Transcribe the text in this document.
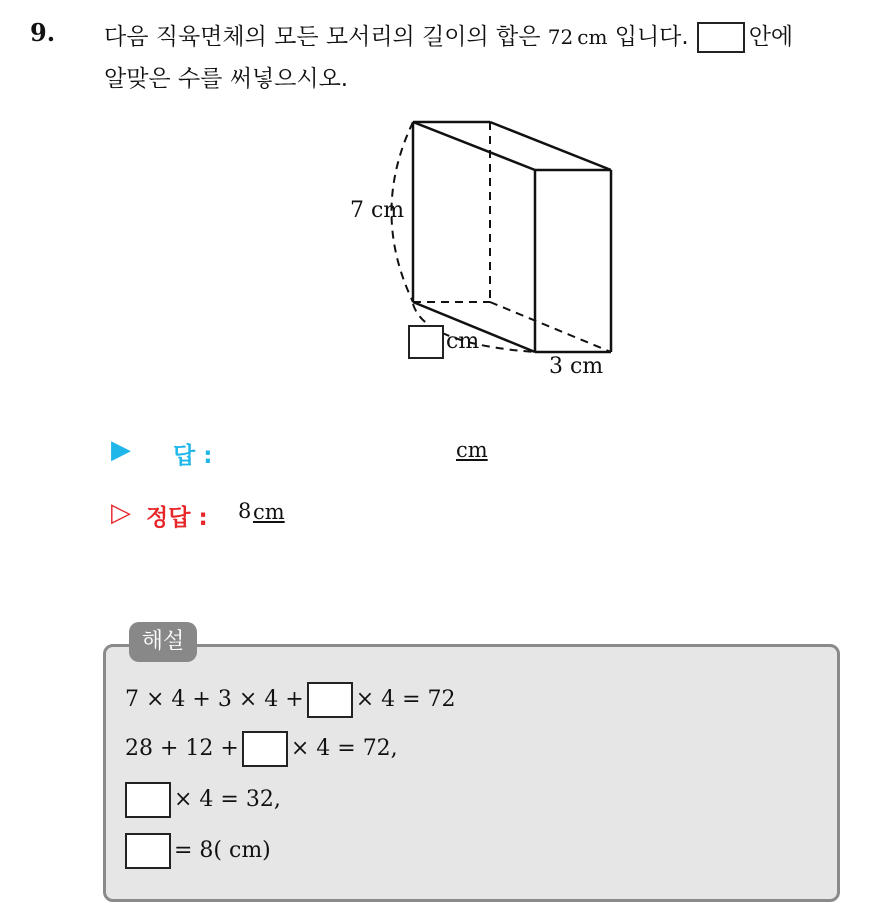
9. 다음 직육면체의 모든 모서리의 길이의 합은 72 cm 입니다.	안에
알맞은 수를 써넣으시오.
7 cm
cm
3 cm
▶ 답 :	cm
▷ 정답 : 8 cm
해설
7 × 4 + 3 × 4 + × 4 = 72
28 + 12 + × 4 = 72,
× 4 = 32,
= 8( cm)
